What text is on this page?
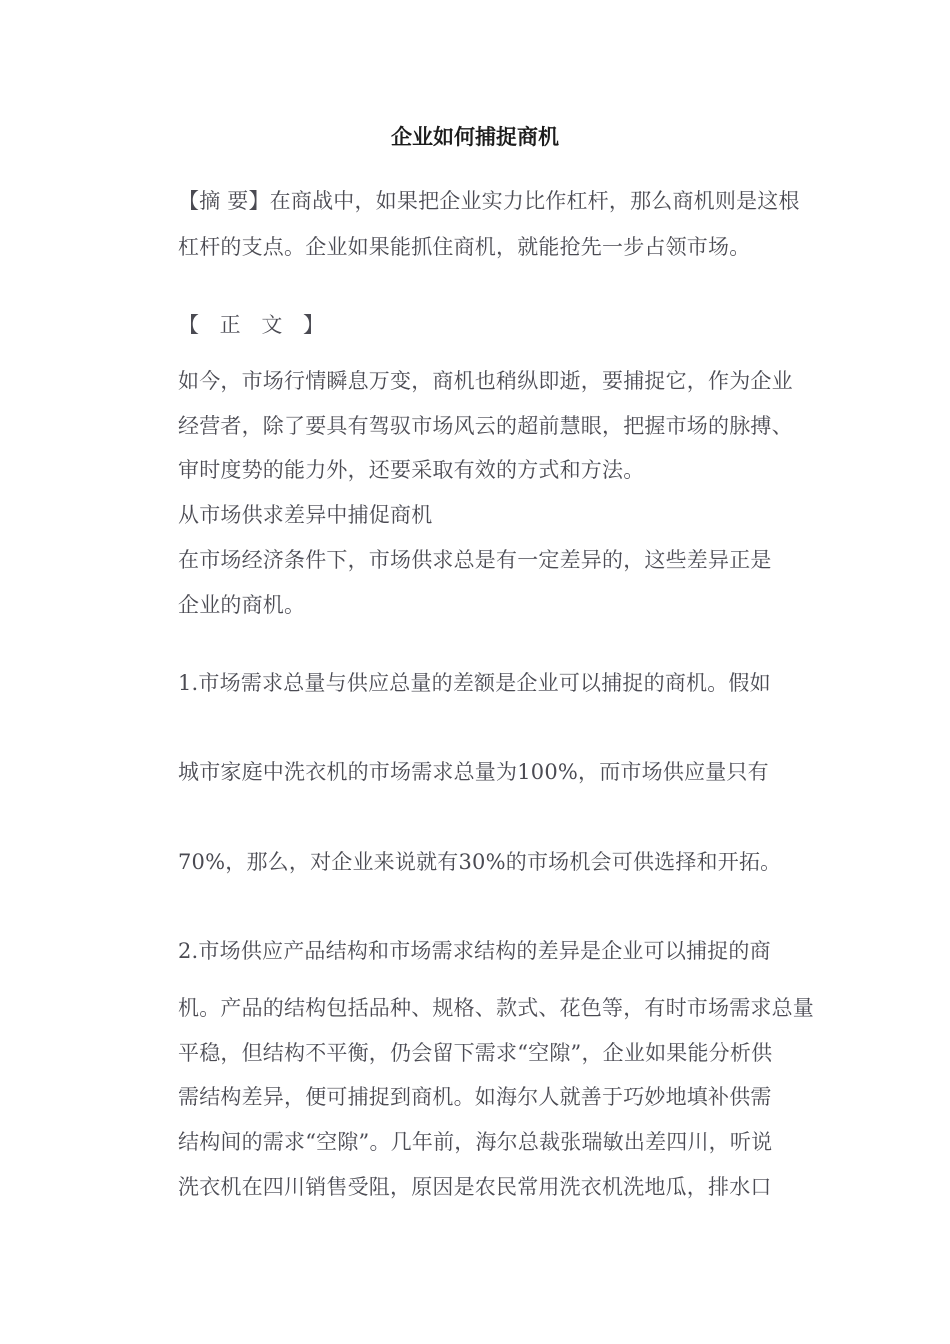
企业如何捕捉商机
【摘 要】在商战中，如果把企业实力比作杠杆，那么商机则是这根
杠杆的支点。企业如果能抓住商机，就能抢先一步占领市场。
【 正 文 】
如今，市场行情瞬息万变，商机也稍纵即逝，要捕捉它，作为企业
经营者，除了要具有驾驭市场风云的超前慧眼，把握市场的脉搏、
审时度势的能力外，还要采取有效的方式和方法。
从市场供求差异中捕促商机
在市场经济条件下，市场供求总是有一定差异的，这些差异正是
企业的商机。
1.市场需求总量与供应总量的差额是企业可以捕捉的商机。假如
城市家庭中洗衣机的市场需求总量为100%，而市场供应量只有
70%，那么，对企业来说就有30%的市场机会可供选择和开拓。
2.市场供应产品结构和市场需求结构的差异是企业可以捕捉的商
机。产品的结构包括品种、规格、款式、花色等，有时市场需求总量
平稳，但结构不平衡，仍会留下需求“空隙”，企业如果能分析供
需结构差异，便可捕捉到商机。如海尔人就善于巧妙地填补供需
结构间的需求“空隙”。几年前，海尔总裁张瑞敏出差四川，听说
洗衣机在四川销售受阻，原因是农民常用洗衣机洗地瓜，排水口
